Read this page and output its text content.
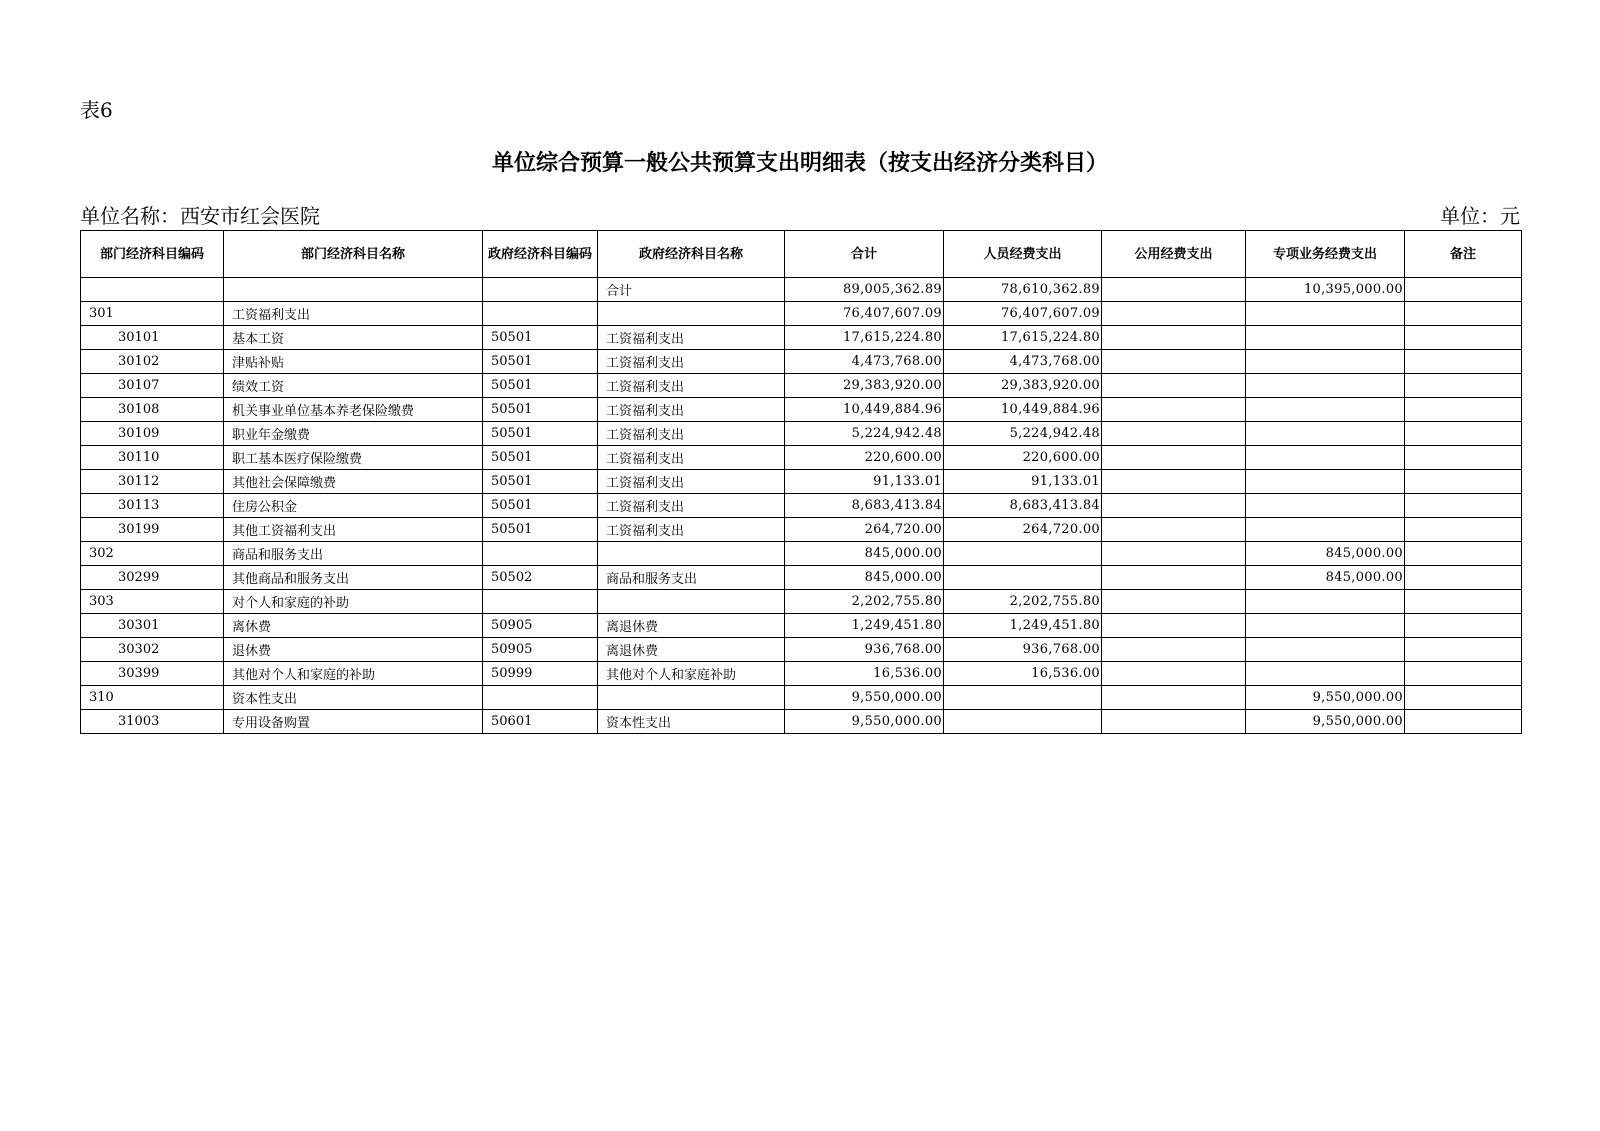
表6
单位综合预算一般公共预算支出明细表（按支出经济分类科目）
单位名称：西安市红会医院	单位：元
部门经济科目编码	部门经济科目名称	政府经济科目编码	政府经济科目名称	合计	人员经费支出	公用经费支出	专项业务经费支出	备注
			合计	89,005,362.89	78,610,362.89		10,395,000.00	
301	工资福利支出			76,407,607.09	76,407,607.09			
30101	基本工资	50501	工资福利支出	17,615,224.80	17,615,224.80			
30102	津贴补贴	50501	工资福利支出	4,473,768.00	4,473,768.00			
30107	绩效工资	50501	工资福利支出	29,383,920.00	29,383,920.00			
30108	机关事业单位基本养老保险缴费	50501	工资福利支出	10,449,884.96	10,449,884.96			
30109	职业年金缴费	50501	工资福利支出	5,224,942.48	5,224,942.48			
30110	职工基本医疗保险缴费	50501	工资福利支出	220,600.00	220,600.00			
30112	其他社会保障缴费	50501	工资福利支出	91,133.01	91,133.01			
30113	住房公积金	50501	工资福利支出	8,683,413.84	8,683,413.84			
30199	其他工资福利支出	50501	工资福利支出	264,720.00	264,720.00			
302	商品和服务支出			845,000.00			845,000.00	
30299	其他商品和服务支出	50502	商品和服务支出	845,000.00			845,000.00	
303	对个人和家庭的补助			2,202,755.80	2,202,755.80			
30301	离休费	50905	离退休费	1,249,451.80	1,249,451.80			
30302	退休费	50905	离退休费	936,768.00	936,768.00			
30399	其他对个人和家庭的补助	50999	其他对个人和家庭补助	16,536.00	16,536.00			
310	资本性支出			9,550,000.00			9,550,000.00	
31003	专用设备购置	50601	资本性支出	9,550,000.00			9,550,000.00	
